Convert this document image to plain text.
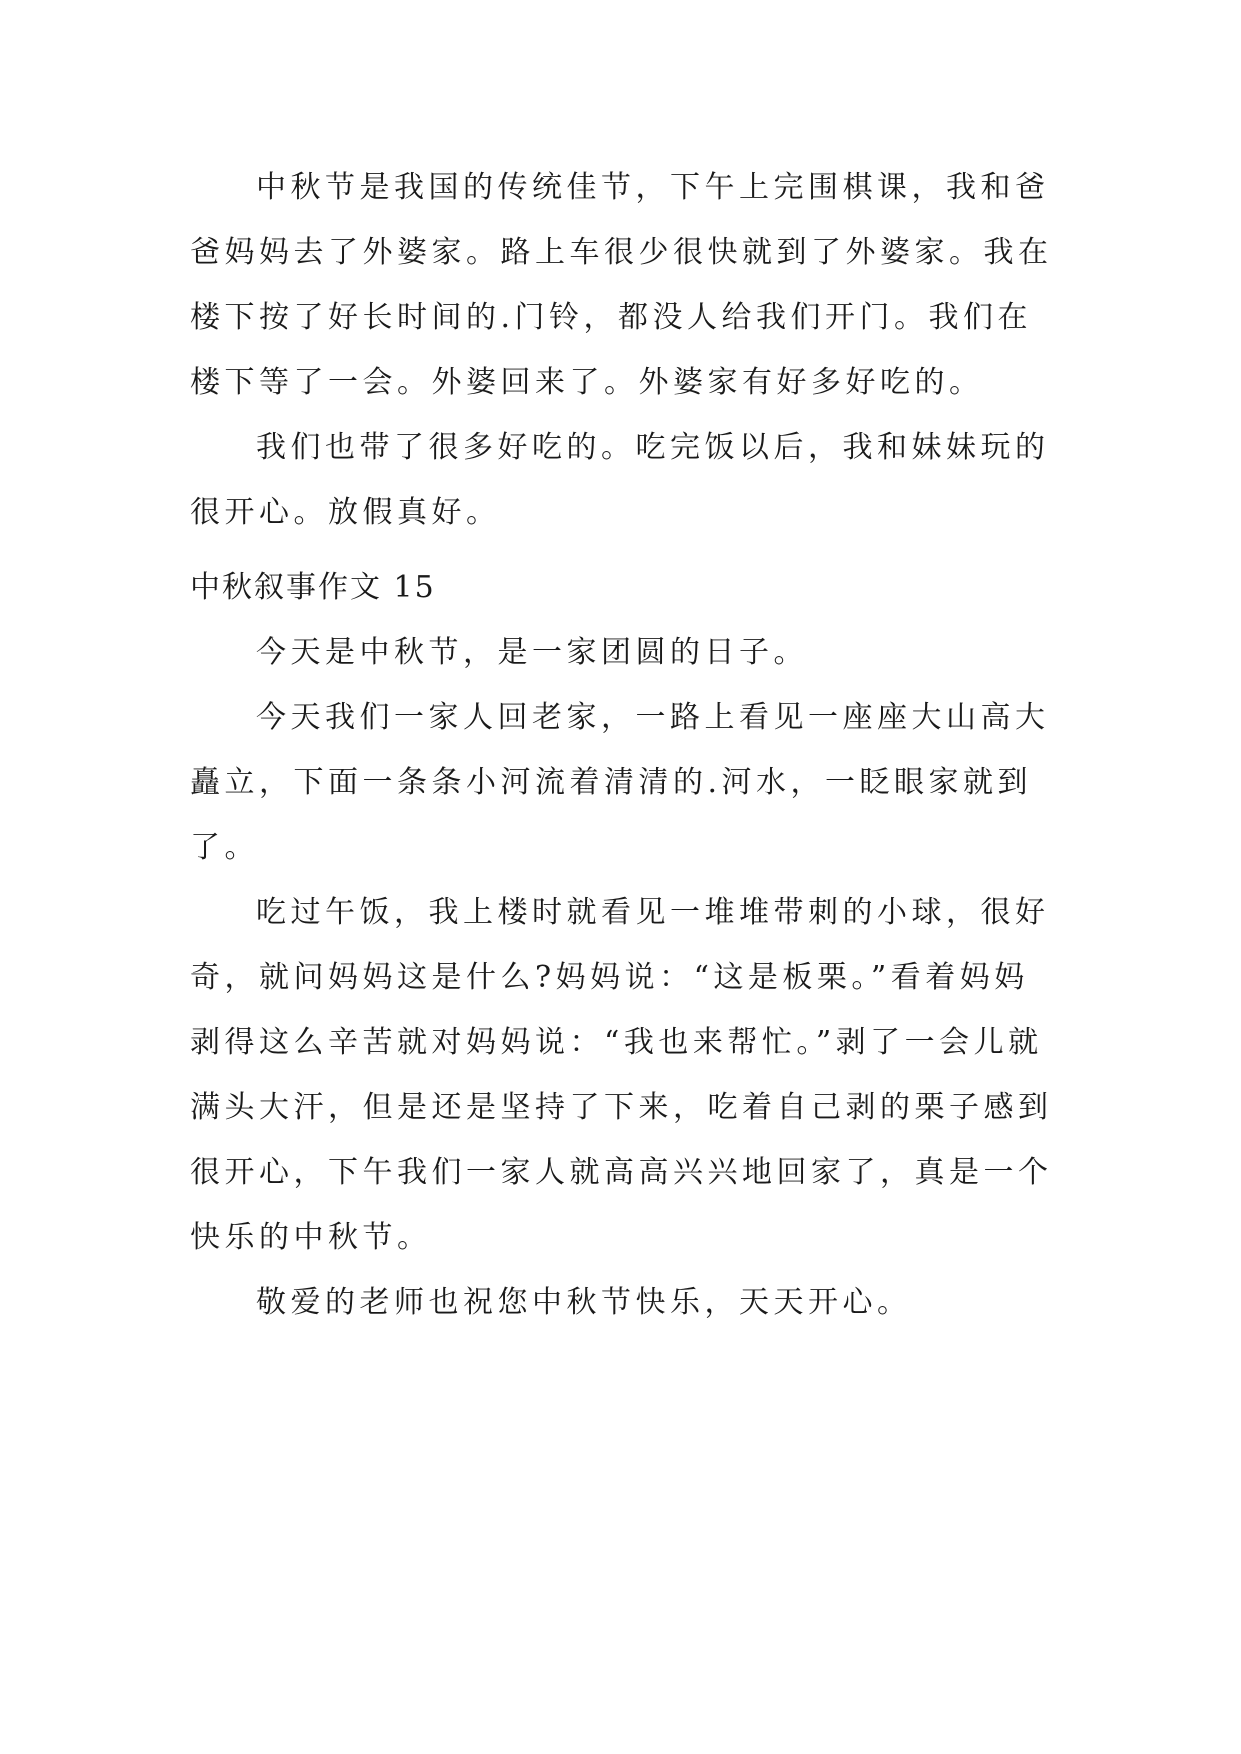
中秋节是我国的传统佳节，下午上完围棋课，我和爸爸妈妈去了外婆家。路上车很少很快就到了外婆家。我在楼下按了好长时间的.门铃，都没人给我们开门。我们在楼下等了一会。外婆回来了。外婆家有好多好吃的。

我们也带了很多好吃的。吃完饭以后，我和妹妹玩的很开心。放假真好。

中秋叙事作文 15

今天是中秋节，是一家团圆的日子。

今天我们一家人回老家，一路上看见一座座大山高大矗立，下面一条条小河流着清清的.河水，一眨眼家就到了。

吃过午饭，我上楼时就看见一堆堆带刺的小球，很好奇，就问妈妈这是什么?妈妈说：“这是板栗。”看着妈妈剥得这么辛苦就对妈妈说：“我也来帮忙。”剥了一会儿就满头大汗，但是还是坚持了下来，吃着自己剥的栗子感到很开心，下午我们一家人就高高兴兴地回家了，真是一个快乐的中秋节。

敬爱的老师也祝您中秋节快乐，天天开心。
